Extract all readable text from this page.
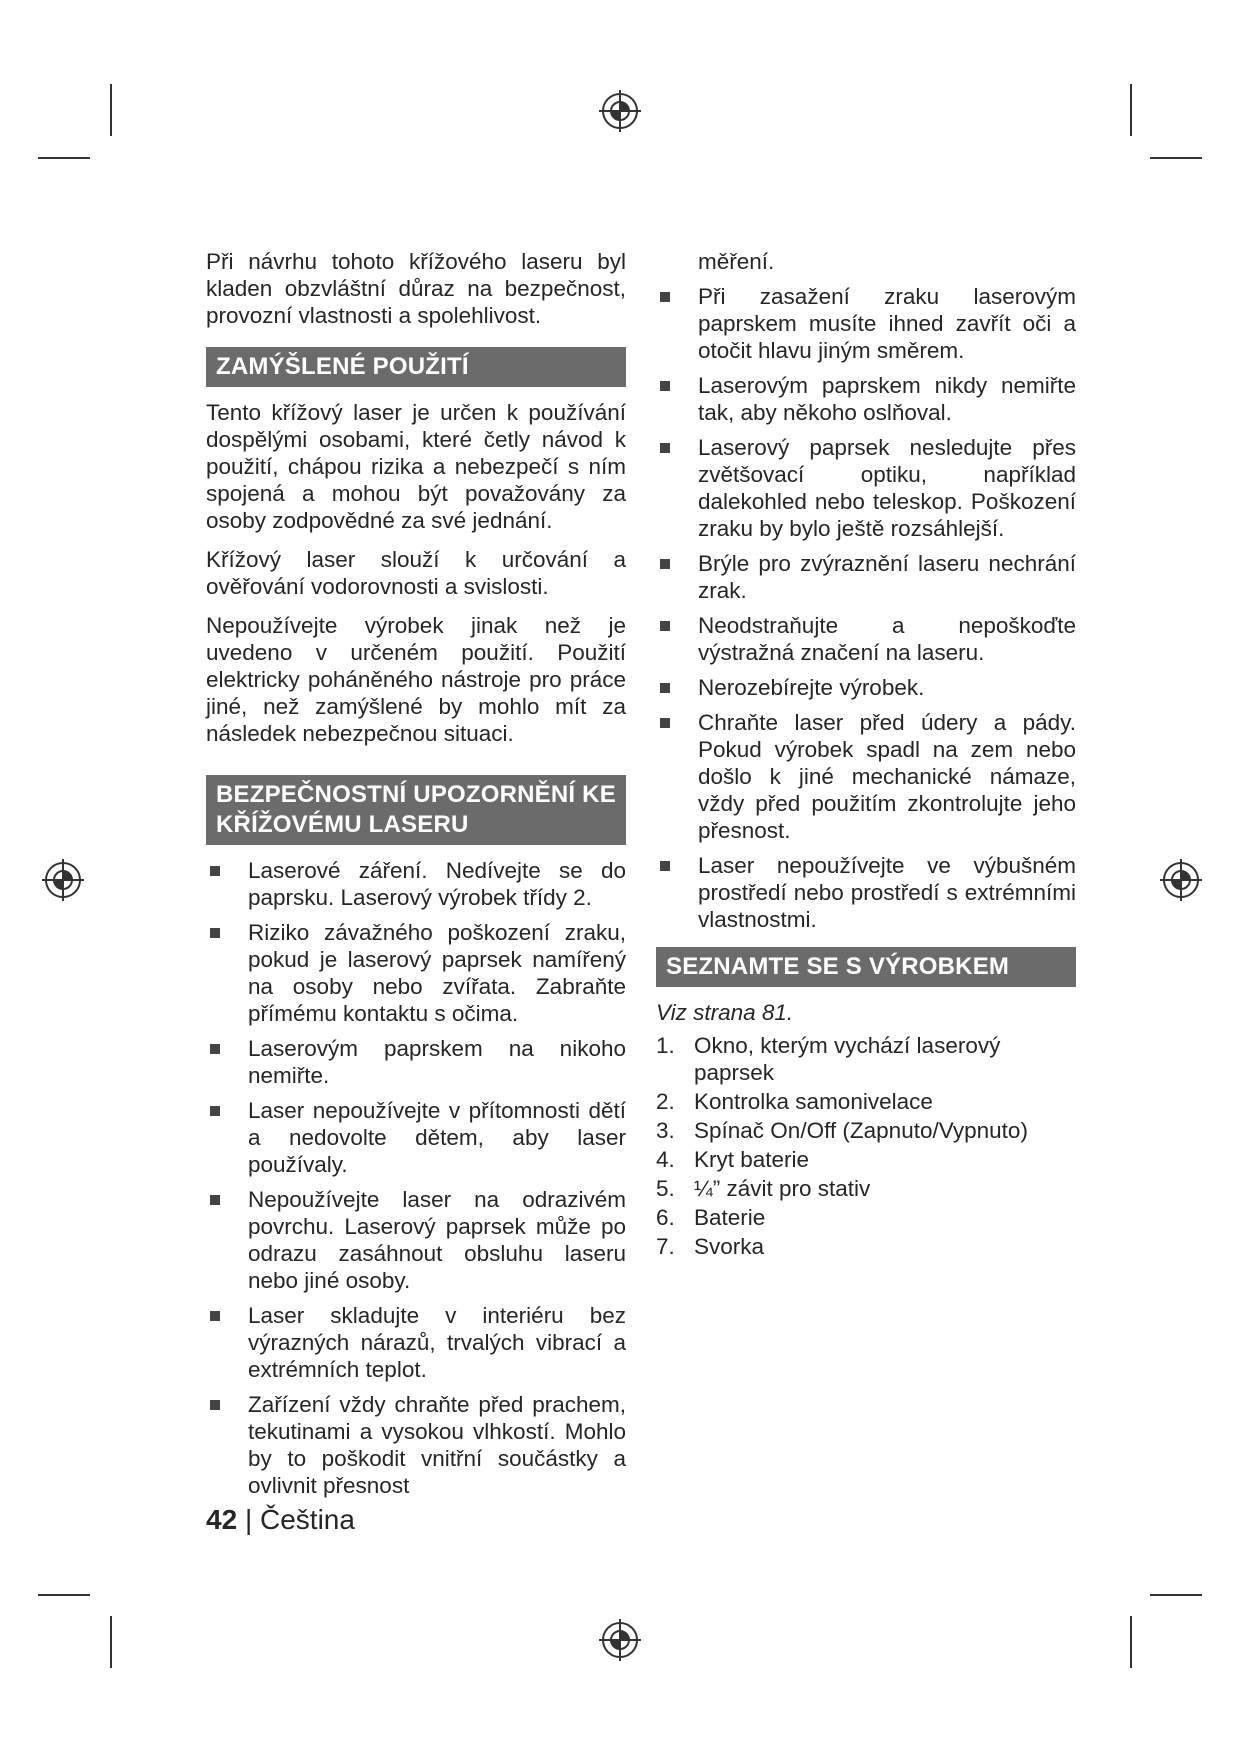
Při návrhu tohoto křížového laseru byl kladen obzvláštní důraz na bezpečnost, provozní vlastnosti a spolehlivost.

ZAMÝŠLENÉ POUŽITÍ

Tento křížový laser je určen k používání dospělými osobami, které četly návod k použití, chápou rizika a nebezpečí s ním spojená a mohou být považovány za osoby zodpovědné za své jednání.

Křížový laser slouží k určování a ověřování vodorovnosti a svislosti.

Nepoužívejte výrobek jinak než je uvedeno v určeném použití. Použití elektricky poháněného nástroje pro práce jiné, než zamýšlené by mohlo mít za následek nebezpečnou situaci.

BEZPEČNOSTNÍ UPOZORNĚNÍ KE KŘÍŽOVÉMU LASERU
Laserové záření. Nedívejte se do paprsku. Laserový výrobek třídy 2.
Riziko závažného poškození zraku, pokud je laserový paprsek namířený na osoby nebo zvířata. Zabraňte přímému kontaktu s očima.
Laserovým paprskem na nikoho nemiřte.
Laser nepoužívejte v přítomnosti dětí a nedovolte dětem, aby laser používaly.
Nepoužívejte laser na odrazivém povrchu. Laserový paprsek může po odrazu zasáhnout obsluhu laseru nebo jiné osoby.
Laser skladujte v interiéru bez výrazných nárazů, trvalých vibrací a extrémních teplot.
Zařízení vždy chraňte před prachem, tekutinami a vysokou vlhkostí. Mohlo by to poškodit vnitřní součástky a ovlivnit přesnost

měření.

Při zasažení zraku laserovým paprskem musíte ihned zavřít oči a otočit hlavu jiným směrem.
Laserovým paprskem nikdy nemiřte tak, aby někoho oslňoval.
Laserový paprsek nesledujte přes zvětšovací optiku, například dalekohled nebo teleskop. Poškození zraku by bylo ještě rozsáhlejší.
Brýle pro zvýraznění laseru nechrání zrak.
Neodstraňujte a nepoškoďte výstražná značení na laseru.
Nerozebírejte výrobek.
Chraňte laser před údery a pády. Pokud výrobek spadl na zem nebo došlo k jiné mechanické námaze, vždy před použitím zkontrolujte jeho přesnost.
Laser nepoužívejte ve výbušném prostředí nebo prostředí s extrémními vlastnostmi.
SEZNAMTE SE S VÝROBKEM

Viz strana 81.

1. Okno, kterým vychází laserový paprsek
2. Kontrolka samonivelace
3. Spínač On/Off (Zapnuto/Vypnuto)
4. Kryt baterie
5. ¼” závit pro stativ
6. Baterie
7. Svorka
42 | Čeština
